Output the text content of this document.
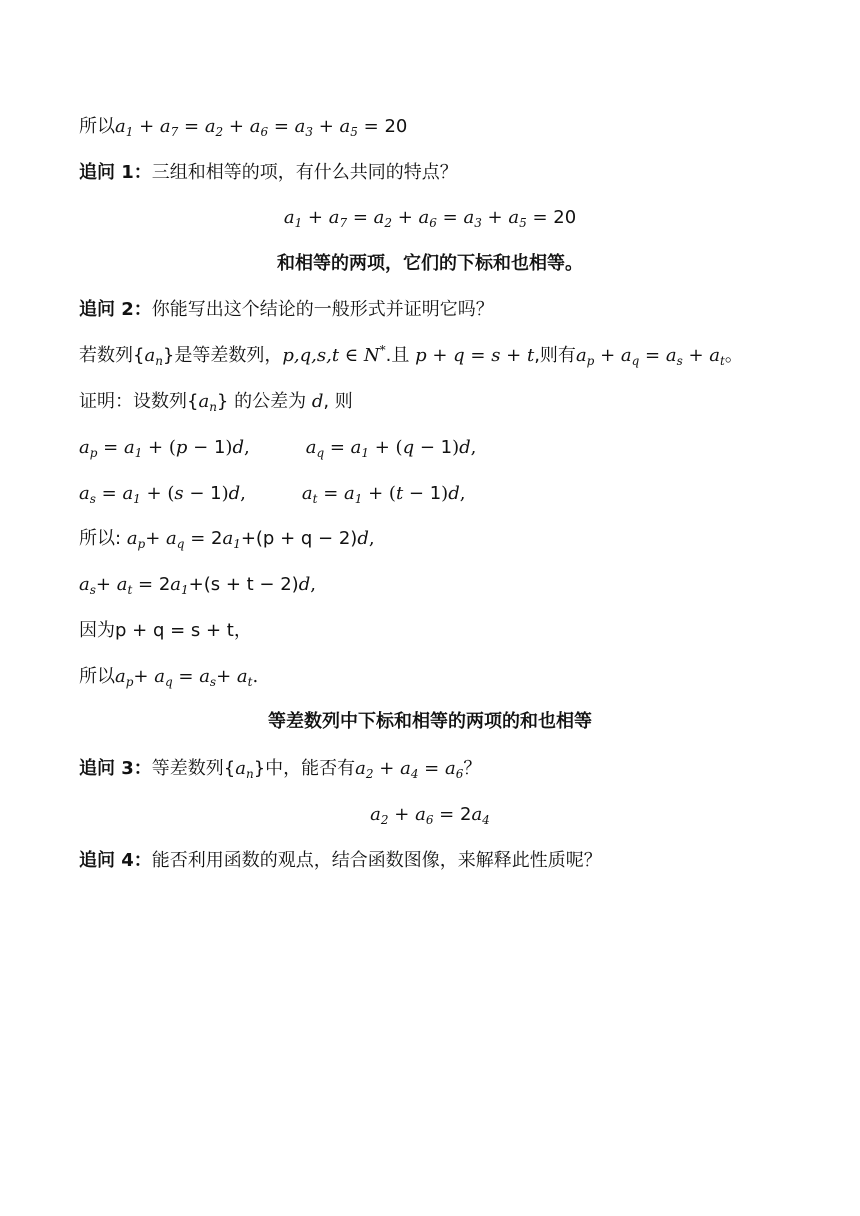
所以$a_1 + a_7 = a_2 + a_6 = a_3 + a_5 = 20$
追问 1：三组和相等的项，有什么共同的特点？
$a_1 + a_7 = a_2 + a_6 = a_3 + a_5 = 20$
和相等的两项，它们的下标和也相等。
追问 2：你能写出这个结论的一般形式并证明它吗？
若数列$\{a_n\}$是等差数列，p,q,s,t ∈ N*.且 p + q = s + t,则有$a_p + a_q = a_s + a_t$。
证明：设数列$\{a_n\}$ 的公差为 d, 则
$a_p = a_1 + (p - 1)d$,	$a_q = a_1 + (q - 1)d$,
$a_s = a_1 + (s - 1)d$,	$a_t = a_1 + (t - 1)d$,
所以: $a_p+ a_q = 2a_1+(p + q - 2)d$,
$a_s+ a_t = 2a_1+(s + t - 2)d$,
因为p + q = s + t，
所以$a_p+ a_q = a_s+ a_t$.
等差数列中下标和相等的两项的和也相等
追问 3：等差数列$\{a_n\}$中，能否有$a_2 + a_4 = a_6$？
$a_2 + a_6 = 2a_4$
追问 4：能否利用函数的观点，结合函数图像，来解释此性质呢？
